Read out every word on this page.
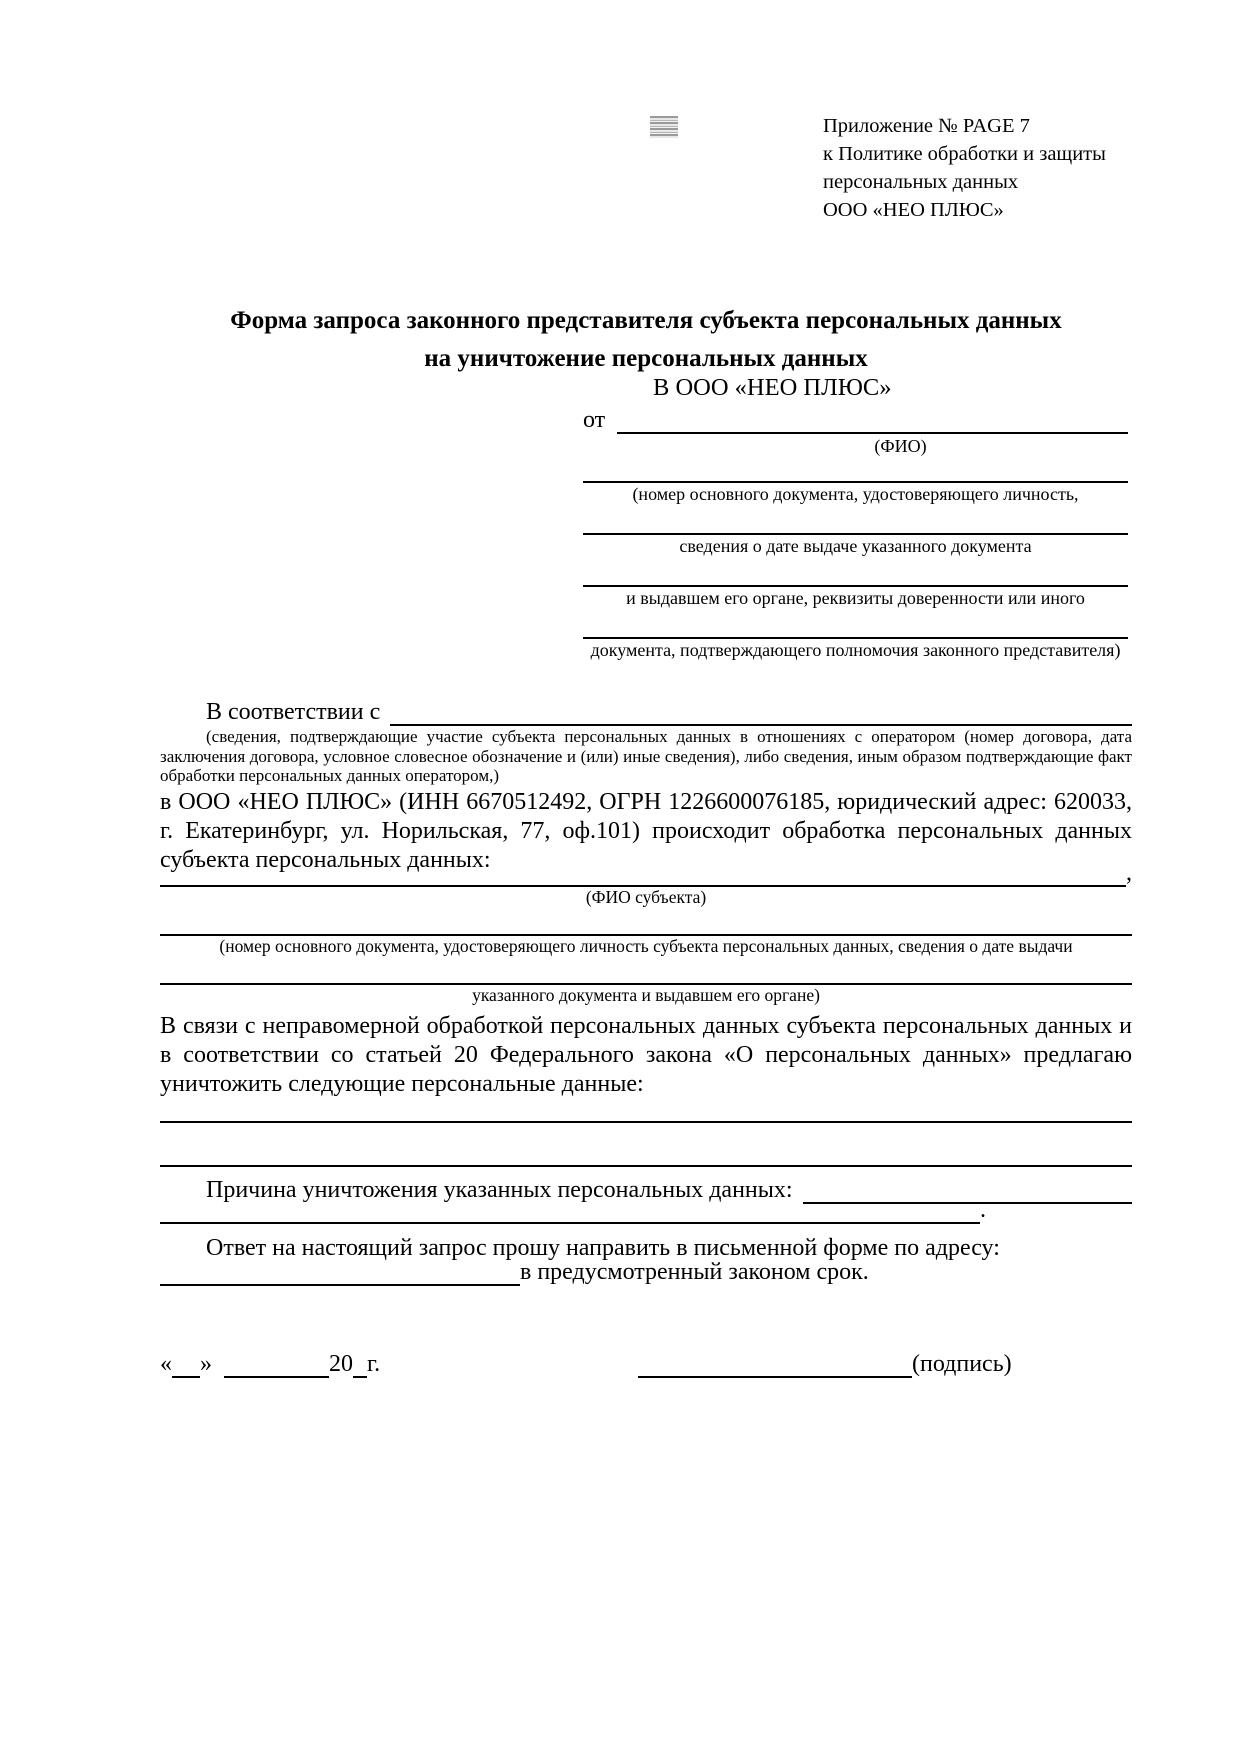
Приложение № PAGE 7
к Политике обработки и защиты
персональных данных
ООО «НЕО ПЛЮС»
Форма запроса законного представителя субъекта персональных данных
на уничтожение персональных данных
В ООО «НЕО ПЛЮС»
от
(ФИО)
(номер основного документа, удостоверяющего личность,
сведения о дате выдаче указанного документа
и выдавшем его органе, реквизиты доверенности или иного
документа, подтверждающего полномочия законного представителя)
В соответствии с

(сведения, подтверждающие участие субъекта персональных данных в отношениях с оператором (номер договора, дата заключения договора, условное словесное обозначение и (или) иные сведения), либо сведения, иным образом подтверждающие факт обработки персональных данных оператором,)

в ООО «НЕО ПЛЮС» (ИНН 6670512492, ОГРН 1226600076185, юридический адрес: 620033, г. Екатеринбург, ул. Норильская, 77, оф.101) происходит обработка персональных данных субъекта персональных данных:

,
(ФИО субъекта)
(номер основного документа, удостоверяющего личность субъекта персональных данных, сведения о дате выдачи
указанного документа и выдавшем его органе)

В связи с неправомерной обработкой персональных данных субъекта персональных данных и в соответствии со статьей 20 Федерального закона «О персональных данных» предлагаю уничтожить следующие персональные данные:

Причина уничтожения указанных персональных данных:
.

Ответ на настоящий запрос прошу направить в письменной форме по адресу:

в предусмотренный законом срок.
« »	20 г.	(подпись)
